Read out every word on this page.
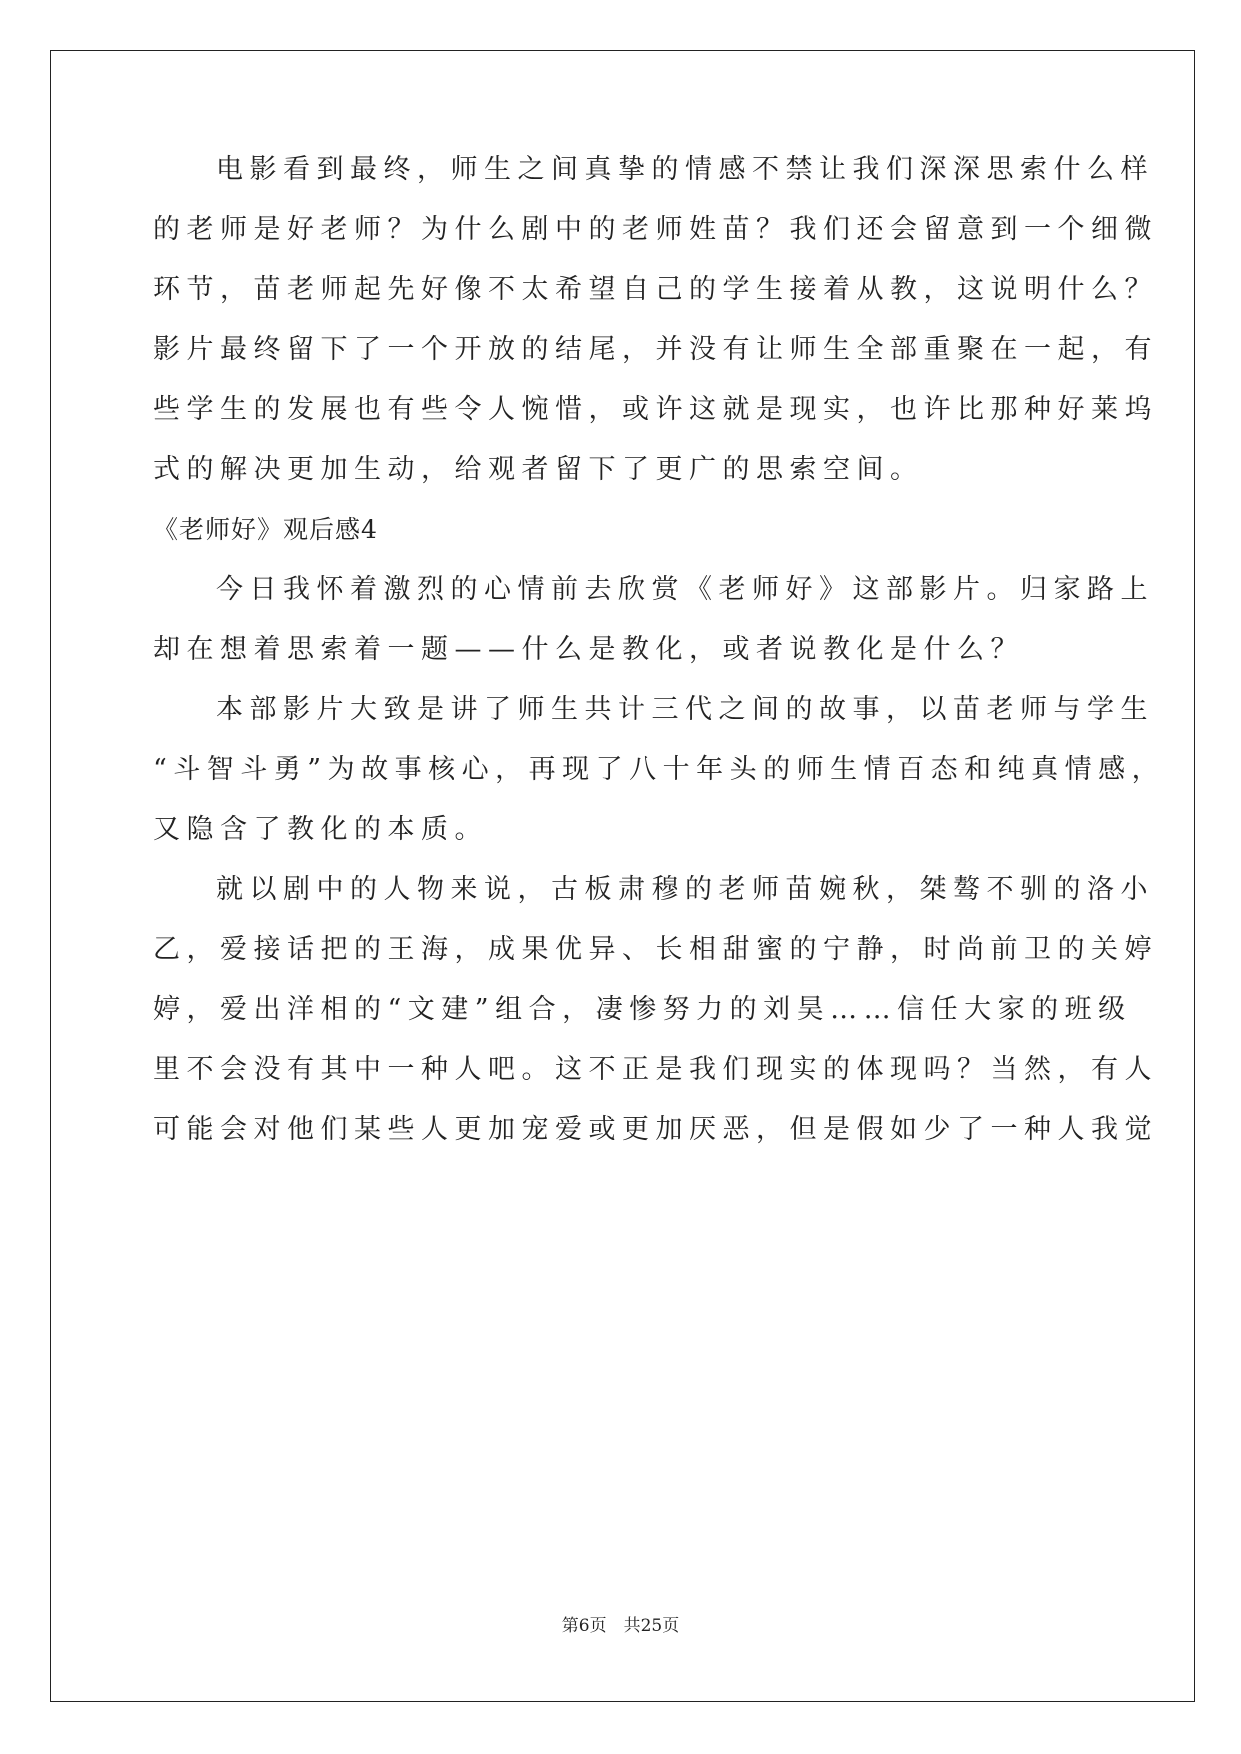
电影看到最终，师生之间真挚的情感不禁让我们深深思索什么样
的老师是好老师？为什么剧中的老师姓苗？我们还会留意到一个细微
环节，苗老师起先好像不太希望自己的学生接着从教，这说明什么？
影片最终留下了一个开放的结尾，并没有让师生全部重聚在一起，有
些学生的发展也有些令人惋惜，或许这就是现实，也许比那种好莱坞
式的解决更加生动，给观者留下了更广的思索空间。
《老师好》观后感4
今日我怀着激烈的心情前去欣赏《老师好》这部影片。归家路上
却在想着思索着一题——什么是教化，或者说教化是什么？
本部影片大致是讲了师生共计三代之间的故事，以苗老师与学生
“斗智斗勇”为故事核心，再现了八十年头的师生情百态和纯真情感，
又隐含了教化的本质。
就以剧中的人物来说，古板肃穆的老师苗婉秋，桀骜不驯的洛小
乙，爱接话把的王海，成果优异、长相甜蜜的宁静，时尚前卫的关婷
婷，爱出洋相的“文建”组合，凄惨努力的刘昊……信任大家的班级
里不会没有其中一种人吧。这不正是我们现实的体现吗？当然，有人
可能会对他们某些人更加宠爱或更加厌恶，但是假如少了一种人我觉
第6页　共25页
